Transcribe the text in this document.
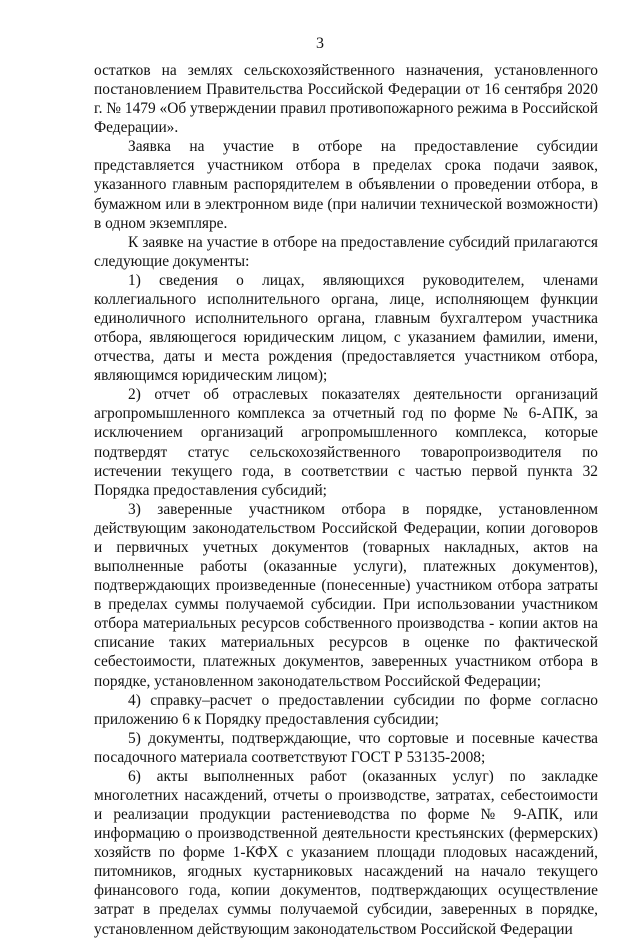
3

остатков на землях сельскохозяйственного назначения, установленного постановлением Правительства Российской Федерации от 16 сентября 2020 г. № 1479 «Об утверждении правил противопожарного режима в Российской Федерации».

Заявка на участие в отборе на предоставление субсидии представляется участником отбора в пределах срока подачи заявок, указанного главным распорядителем в объявлении о проведении отбора, в бумажном или в электронном виде (при наличии технической возможности) в одном экземпляре.

К заявке на участие в отборе на предоставление субсидий прилагаются следующие документы:

1) сведения о лицах, являющихся руководителем, членами коллегиального исполнительного органа, лице, исполняющем функции единоличного исполнительного органа, главным бухгалтером участника отбора, являющегося юридическим лицом, с указанием фамилии, имени, отчества, даты и места рождения (предоставляется участником отбора, являющимся юридическим лицом);

2) отчет об отраслевых показателях деятельности организаций агропромышленного комплекса за отчетный год по форме № 6-АПК, за исключением организаций агропромышленного комплекса, которые подтвердят статус сельскохозяйственного товаропроизводителя по истечении текущего года, в соответствии с частью первой пункта 32 Порядка предоставления субсидий;

3) заверенные участником отбора в порядке, установленном действующим законодательством Российской Федерации, копии договоров и первичных учетных документов (товарных накладных, актов на выполненные работы (оказанные услуги), платежных документов), подтверждающих произведенные (понесенные) участником отбора затраты в пределах суммы получаемой субсидии. При использовании участником отбора материальных ресурсов собственного производства - копии актов на списание таких материальных ресурсов в оценке по фактической себестоимости, платежных документов, заверенных участником отбора в порядке, установленном законодательством Российской Федерации;

4) справку–расчет о предоставлении субсидии по форме согласно приложению 6 к Порядку предоставления субсидии;

5) документы, подтверждающие, что сортовые и посевные качества посадочного материала соответствуют ГОСТ Р 53135-2008;

6) акты выполненных работ (оказанных услуг) по закладке многолетних насаждений, отчеты о производстве, затратах, себестоимости и реализации продукции растениеводства по форме № 9-АПК, или информацию о производственной деятельности крестьянских (фермерских) хозяйств по форме 1-КФХ с указанием площади плодовых насаждений, питомников, ягодных кустарниковых насаждений на начало текущего финансового года, копии документов, подтверждающих осуществление затрат в пределах суммы получаемой субсидии, заверенных в порядке, установленном действующим законодательством Российской Федерации
